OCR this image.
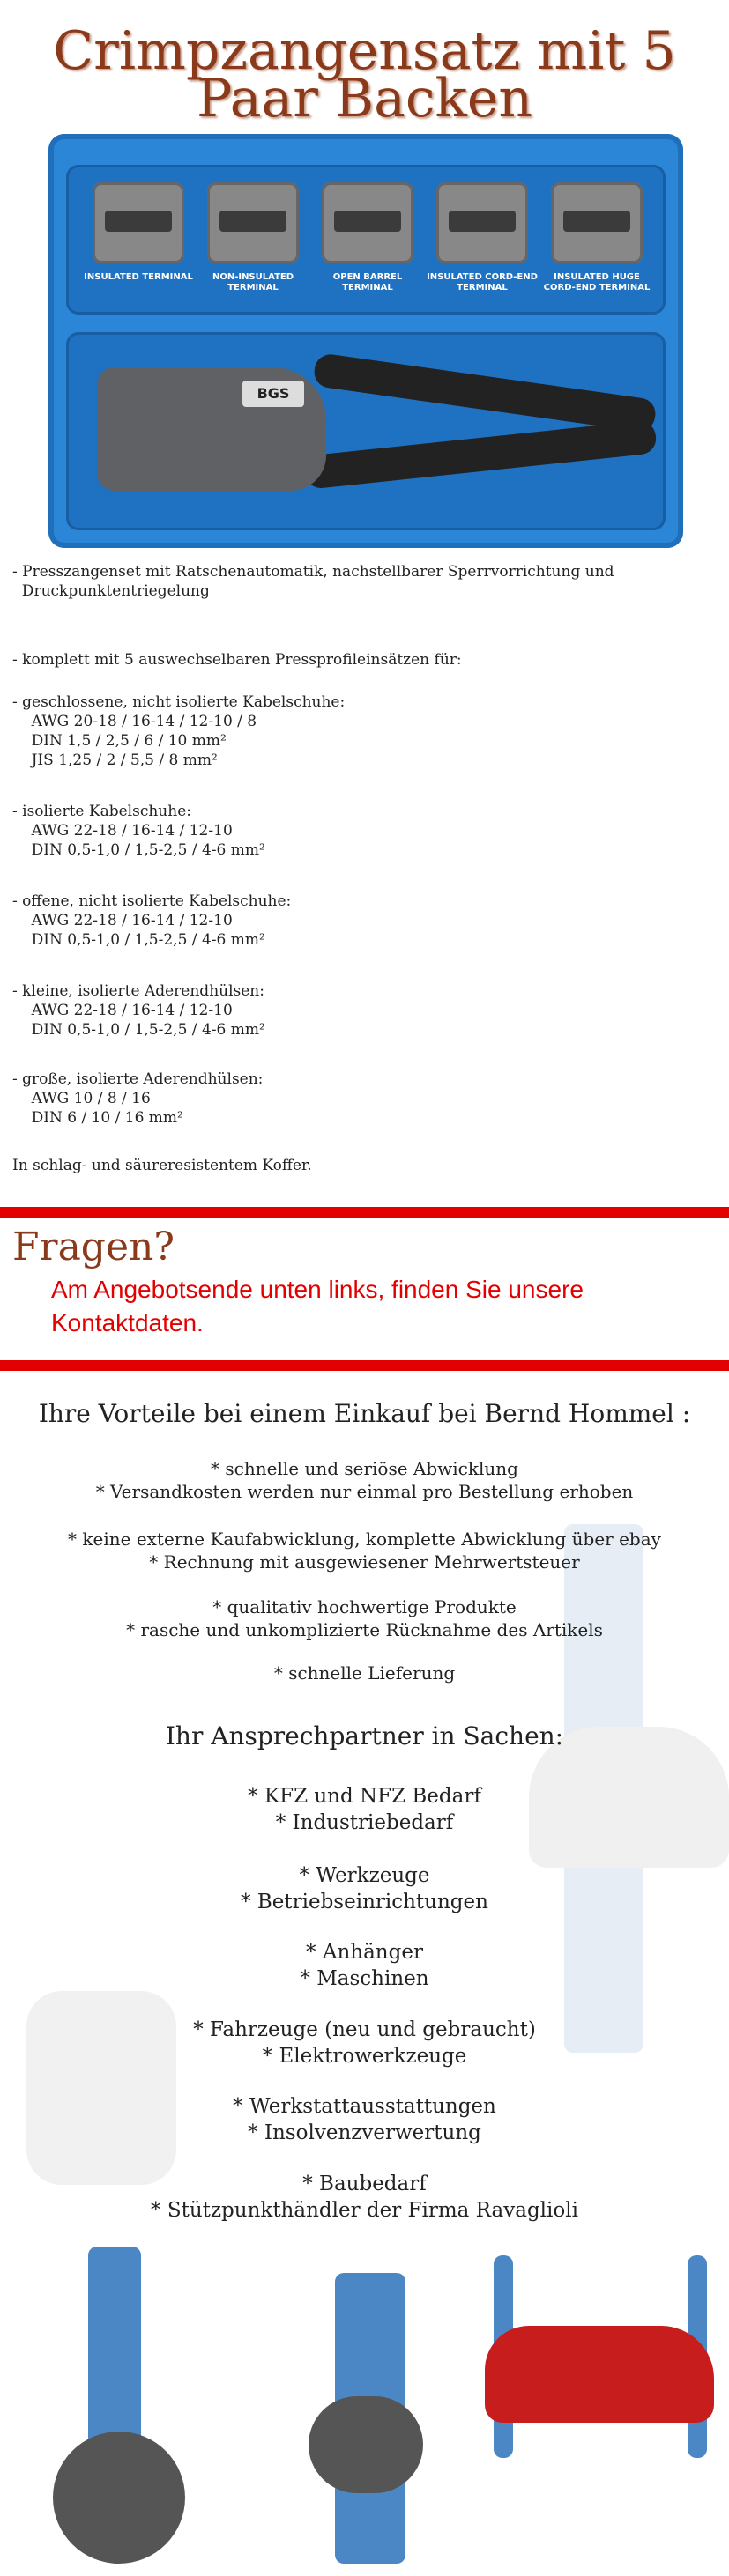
Crimpzangensatz mit 5
Paar Backen
INSULATED TERMINAL	NON-INSULATED TERMINAL
OPEN BARREL TERMINAL
INSULATED CORD-END TERMINAL
INSULATED HUGE CORD-END TERMINAL
BGS
- Presszangenset mit Ratschenautomatik, nachstellbarer Sperrvorrichtung und
Druckpunktentriegelung
- komplett mit 5 auswechselbaren Pressprofileinsätzen für:
- geschlossene, nicht isolierte Kabelschuhe:
AWG 20-18 / 16-14 / 12-10 / 8
DIN 1,5 / 2,5 / 6 / 10 mm²
JIS 1,25 / 2 / 5,5 / 8 mm²
- isolierte Kabelschuhe:
AWG 22-18 / 16-14 / 12-10
DIN 0,5-1,0 / 1,5-2,5 / 4-6 mm²
- offene, nicht isolierte Kabelschuhe:
AWG 22-18 / 16-14 / 12-10
DIN 0,5-1,0 / 1,5-2,5 / 4-6 mm²
- kleine, isolierte Aderendhülsen:
AWG 22-18 / 16-14 / 12-10
DIN 0,5-1,0 / 1,5-2,5 / 4-6 mm²
- große, isolierte Aderendhülsen:
AWG 10 / 8 / 16
DIN 6 / 10 / 16 mm²
In schlag- und säureresistentem Koffer.
Fragen?
Am Angebotsende unten links, finden Sie unsere Kontaktdaten.
Ihre Vorteile bei einem Einkauf bei Bernd Hommel :
* schnelle und seriöse Abwicklung
* Versandkosten werden nur einmal pro Bestellung erhoben
* keine externe Kaufabwicklung, komplette Abwicklung über ebay
* Rechnung mit ausgewiesener Mehrwertsteuer
* qualitativ hochwertige Produkte
* rasche und unkomplizierte Rücknahme des Artikels
* schnelle Lieferung
Ihr Ansprechpartner in Sachen:
* KFZ und NFZ Bedarf
* Industriebedarf
* Werkzeuge
* Betriebseinrichtungen
* Anhänger
* Maschinen
* Fahrzeuge (neu und gebraucht)
* Elektrowerkzeuge
* Werkstattausstattungen
* Insolvenzverwertung
* Baubedarf
* Stützpunkthändler der Firma Ravaglioli
